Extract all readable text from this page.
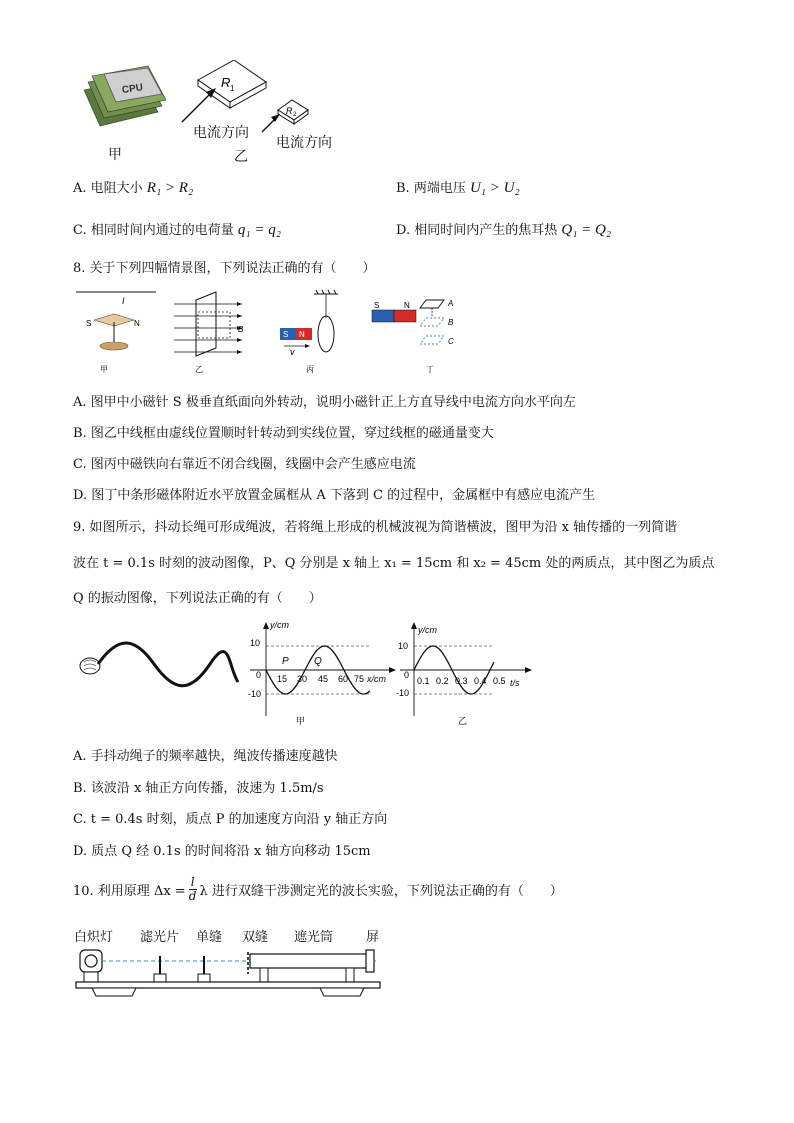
CPU	R 1
R 2
电流方向
电流方向
甲	乙
A. 电阻大小 R₁ > R₂	B. 两端电压 U₁ > U₂
C. 相同时间内通过的电荷量 q₁ = q₂	D. 相同时间内产生的焦耳热 Q₁ = Q₂
8. 关于下列四幅情景图，下列说法正确的有（　　）
I
S	N
B
S N
v
S	N	A
B
C
甲	乙	丙	丁
A. 图甲中小磁针 S 极垂直纸面向外转动，说明小磁针正上方直导线中电流方向水平向左
B. 图乙中线框由虚线位置顺时针转动到实线位置，穿过线框的磁通量变大
C. 图丙中磁铁向右靠近不闭合线圈，线圈中会产生感应电流
D. 图丁中条形磁体附近水平放置金属框从 A 下落到 C 的过程中，金属框中有感应电流产生
9. 如图所示，抖动长绳可形成绳波，若将绳上形成的机械波视为简谐横波，图甲为沿 x 轴传播的一列简谐
波在 t = 0.1s 时刻的波动图像，P、Q 分别是 x 轴上 x₁ = 15cm 和 x₂ = 45cm 处的两质点，其中图乙为质点
Q 的振动图像，下列说法正确的有（　　）
10
0
-10
y/cm
x/cm
15 30 45 60 75
P	Q
甲
10
0
-10
y/cm
t/s
0.1 0.2 0.3 0.4 0.5
乙
A. 手抖动绳子的频率越快，绳波传播速度越快
B. 该波沿 x 轴正方向传播，波速为 1.5m/s
C. t = 0.4s 时刻，质点 P 的加速度方向沿 y 轴正方向
D. 质点 Q 经 0.1s 的时间将沿 x 轴方向移动 15cm
10. 利用原理 $\Delta x = \frac{l}{d}$ λ 进行双缝干涉测定光的波长实验，下列说法正确的有（　　）
白炽灯 滤光片 单缝 双缝 遮光筒	屏
